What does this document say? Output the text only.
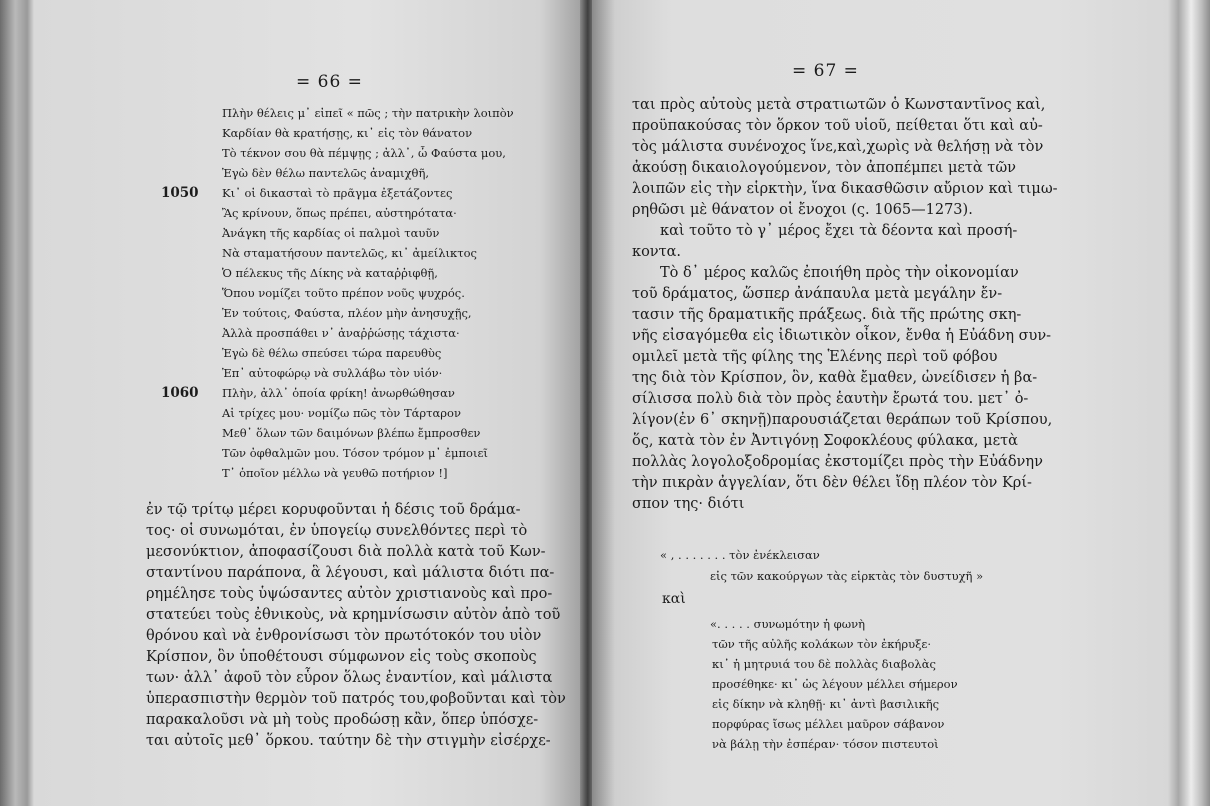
= 66 =
Πλὴν θέλεις μ᾽ εἰπεῖ « πῶς ; τὴν πατρικὴν λοιπὸν
Καρδίαν θὰ κρατήσῃς, κι᾽ εἰς τὸν θάνατον
Τὸ τέκνον σου θὰ πέμψῃς ; ἀλλ᾽, ὦ Φαύστα μου,
Ἐγὼ δὲν θέλω παντελῶς ἀναμιχθῆ,
Κι᾽ οἱ δικασταὶ τὸ πρᾶγμα ἐξετάζοντες
Ἂς κρίνουν, ὅπως πρέπει, αὐστηρότατα·
Ἀνάγκη τῆς καρδίας οἱ παλμοὶ ταυῦν
Νὰ σταματήσουν παντελῶς, κι᾽ ἀμείλικτος
Ὁ πέλεκυς τῆς Δίκης νὰ καταῤῥιφθῇ,
Ὅπου νομίζει τοῦτο πρέπον νοῦς ψυχρός.
Ἐν τούτοις, Φαύστα, πλέον μὴν ἀνησυχῇς,
Ἀλλὰ προσπάθει ν᾽ ἀναῤῥώσῃς τάχιστα·
Ἐγὼ δὲ θέλω σπεύσει τώρα παρευθὺς
Ἐπ᾽ αὐτοφώρῳ νὰ συλλάβω τὸν υἱόν·
Πλὴν, ἀλλ᾽ ὁποία φρίκη! ἀνωρθώθησαν
Αἱ τρίχες μου· νομίζω πῶς τὸν Τάρταρον
Μεθ᾽ ὅλων τῶν δαιμόνων βλέπω ἔμπροσθεν
Τῶν ὀφθαλμῶν μου. Τόσον τρόμον μ᾽ ἐμποιεῖ
Τ᾽ ὁποῖον μέλλω νὰ γευθῶ ποτήριον !]
1050
1060
ἐν τῷ τρίτῳ μέρει κορυφοῦνται ἡ δέσις τοῦ δράμα-
τος· οἱ συνωμόται, ἐν ὑπογείῳ συνελθόντες περὶ τὸ
μεσονύκτιον, ἀποφασίζουσι διὰ πολλὰ κατὰ τοῦ Κων-
σταντίνου παράπονα, ἃ λέγουσι, καὶ μάλιστα διότι πα-
ρημέλησε τοὺς ὑψώσαντες αὐτὸν χριστιανοὺς καὶ προ-
στατεύει τοὺς ἐθνικοὺς, νὰ κρημνίσωσιν αὐτὸν ἀπὸ τοῦ
θρόνου καὶ νὰ ἐνθρονίσωσι τὸν πρωτότοκόν του υἱὸν
Κρίσπον, ὃν ὑποθέτουσι σύμφωνον εἰς τοὺς σκοποὺς
των· ἀλλ᾽ ἀφοῦ τὸν εὗρον ὅλως ἐναντίον, καὶ μάλιστα
ὑπερασπιστὴν θερμὸν τοῦ πατρός του,φοβοῦνται καὶ τὸν
παρακαλοῦσι νὰ μὴ τοὺς προδώσῃ κἂν, ὅπερ ὑπόσχε-
ται αὐτοῖς μεθ᾽ ὅρκου. ταύτην δὲ τὴν στιγμὴν εἰσέρχε-
= 67 =
ται πρὸς αὐτοὺς μετὰ στρατιωτῶν ὁ Κωνσταντῖνος καὶ,
προϋπακούσας τὸν ὅρκον τοῦ υἱοῦ, πείθεται ὅτι καὶ αὐ-
τὸς μάλιστα συνένοχος ἵνε,καὶ,χωρὶς νὰ θελήσῃ νὰ τὸν
ἀκούσῃ δικαιολογούμενον, τὸν ἀποπέμπει μετὰ τῶν
λοιπῶν εἰς τὴν εἱρκτὴν, ἵνα δικασθῶσιν αὔριον καὶ τιμω-
ρηθῶσι μὲ θάνατον οἱ ἔνοχοι (ς. 1065—1273).
καὶ τοῦτο τὸ γ᾽ μέρος ἔχει τὰ δέοντα καὶ προσή-
κοντα.
Τὸ δ᾽ μέρος καλῶς ἐποιήθη πρὸς τὴν οἰκονομίαν
τοῦ δράματος, ὥσπερ ἀνάπαυλα μετὰ μεγάλην ἔν-
τασιν τῆς δραματικῆς πράξεως. διὰ τῆς πρώτης σκη-
νῆς εἰσαγόμεθα εἰς ἰδιωτικὸν οἶκον, ἔνθα ἡ Εὐάδνη συν-
ομιλεῖ μετὰ τῆς φίλης της Ἑλένης περὶ τοῦ φόβου
της διὰ τὸν Κρίσπον, ὃν, καθὰ ἔμαθεν, ὠνείδισεν ἡ βα-
σίλισσα πολὺ διὰ τὸν πρὸς ἑαυτὴν ἔρωτά του. μετ᾽ ὀ-
λίγον(ἐν 6᾽ σκηνῇ)παρουσιάζεται θεράπων τοῦ Κρίσπου,
ὅς, κατὰ τὸν ἐν Ἀντιγόνῃ Σοφοκλέους φύλακα, μετὰ
πολλὰς λογολοξοδρομίας ἐκστομίζει πρὸς τὴν Εὐάδνην
τὴν πικρὰν ἀγγελίαν, ὅτι δὲν θέλει ἴδῃ πλέον τὸν Κρί-
σπον της· διότι
« , . . . . . . . τὸν ἐνέκλεισαν
εἰς τῶν κακούργων τὰς εἱρκτὰς τὸν δυστυχῆ »
καὶ
«. . . . . συνωμότην ἡ φωνὴ
τῶν τῆς αὐλῆς κολάκων τὸν ἐκήρυξε·
κι᾽ ἡ μητρυιά του δὲ πολλὰς διαβολὰς
προσέθηκε· κι᾽ ὡς λέγουν μέλλει σήμερον
εἰς δίκην νὰ κληθῇ· κι᾽ ἀντὶ βασιλικῆς
πορφύρας ἴσως μέλλει μαῦρον σάβανον
νὰ βάλῃ τὴν ἐσπέραν· τόσον πιστευτοὶ
